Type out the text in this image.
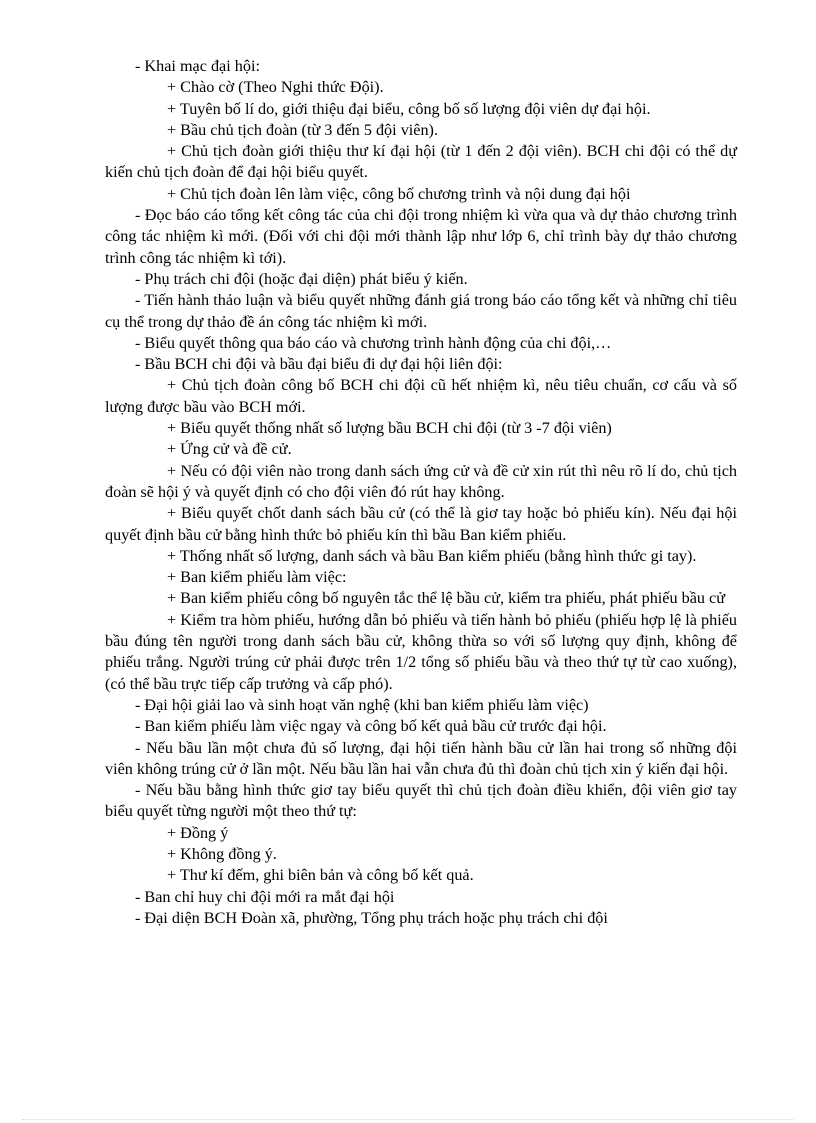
- Khai mạc đại hội:

+ Chào cờ (Theo Nghi thức Đội).

+ Tuyên bố lí do, giới thiệu đại biểu, công bố số lượng đội viên dự đại hội.

+ Bầu chủ tịch đoàn (từ 3 đến 5 đội viên).

+ Chủ tịch đoàn giới thiệu thư kí đại hội (từ 1 đến 2 đội viên). BCH chi đội có thể dự kiến chủ tịch đoàn để đại hội biểu quyết.

+ Chủ tịch đoàn lên làm việc, công bố chương trình và nội dung đại hội

- Đọc báo cáo tổng kết công tác của chi đội trong nhiệm kì vừa qua và dự thảo chương trình công tác nhiệm kì mới. (Đối với chi đội mới thành lập như lớp 6, chỉ trình bày dự thảo chương trình công tác nhiệm kì tới).

- Phụ trách chi đội (hoặc đại diện) phát biểu ý kiến.

- Tiến hành thảo luận và biểu quyết những đánh giá trong báo cáo tổng kết và những chỉ tiêu cụ thể trong dự thảo đề án công tác nhiệm kì mới.

- Biểu quyết thông qua báo cáo và chương trình hành động của chi đội,…

- Bầu BCH chi đội và bầu đại biểu đi dự đại hội liên đội:

+ Chủ tịch đoàn công bố BCH chi đội cũ hết nhiệm kì, nêu tiêu chuẩn, cơ cấu và số lượng được bầu vào BCH mới.

+ Biểu quyết thống nhất số lượng bầu BCH chi đội (từ 3 -7 đội viên)

+ Ứng cử và đề cử.

+ Nếu có đội viên nào trong danh sách ứng cử và đề cử xin rút thì nêu rõ lí do, chủ tịch đoàn sẽ hội ý và quyết định có cho đội viên đó rút hay không.

+ Biểu quyết chốt danh sách bầu cử (có thể là giơ tay hoặc bỏ phiếu kín). Nếu đại hội quyết định bầu cử bằng hình thức bỏ phiếu kín thì bầu Ban kiểm phiếu.

+ Thống nhất số lượng, danh sách và bầu Ban kiểm phiếu (bằng hình thức gi tay).

+ Ban kiểm phiếu làm việc:

+ Ban kiểm phiếu công bố nguyên tắc thể lệ bầu cử, kiểm tra phiếu, phát phiếu bầu cử

+ Kiểm tra hòm phiếu, hướng dẫn bỏ phiếu và tiến hành bỏ phiếu (phiếu hợp lệ là phiếu bầu đúng tên người trong danh sách bầu cử, không thừa so với số lượng quy định, không để phiếu trắng. Người trúng cử phải được trên 1/2 tổng số phiếu bầu và theo thứ tự từ cao xuống), (có thể bầu trực tiếp cấp trưởng và cấp phó).

- Đại hội giải lao và sinh hoạt văn nghệ (khi ban kiểm phiếu làm việc)

- Ban kiểm phiếu làm việc ngay và công bố kết quả bầu cử trước đại hội.

- Nếu bầu lần một chưa đủ số lượng, đại hội tiến hành bầu cử lần hai trong số những đội viên không trúng cử ở lần một. Nếu bầu lần hai vẫn chưa đủ thì đoàn chủ tịch xin ý kiến đại hội.

- Nếu bầu bằng hình thức giơ tay biểu quyết thì chủ tịch đoàn điều khiển, đội viên giơ tay biểu quyết từng người một theo thứ tự:

+ Đồng ý

+ Không đồng ý.

+ Thư kí đếm, ghi biên bản và công bố kết quả.

- Ban chỉ huy chi đội mới ra mắt đại hội

- Đại diện BCH Đoàn xã, phường, Tổng phụ trách hoặc phụ trách chi đội
